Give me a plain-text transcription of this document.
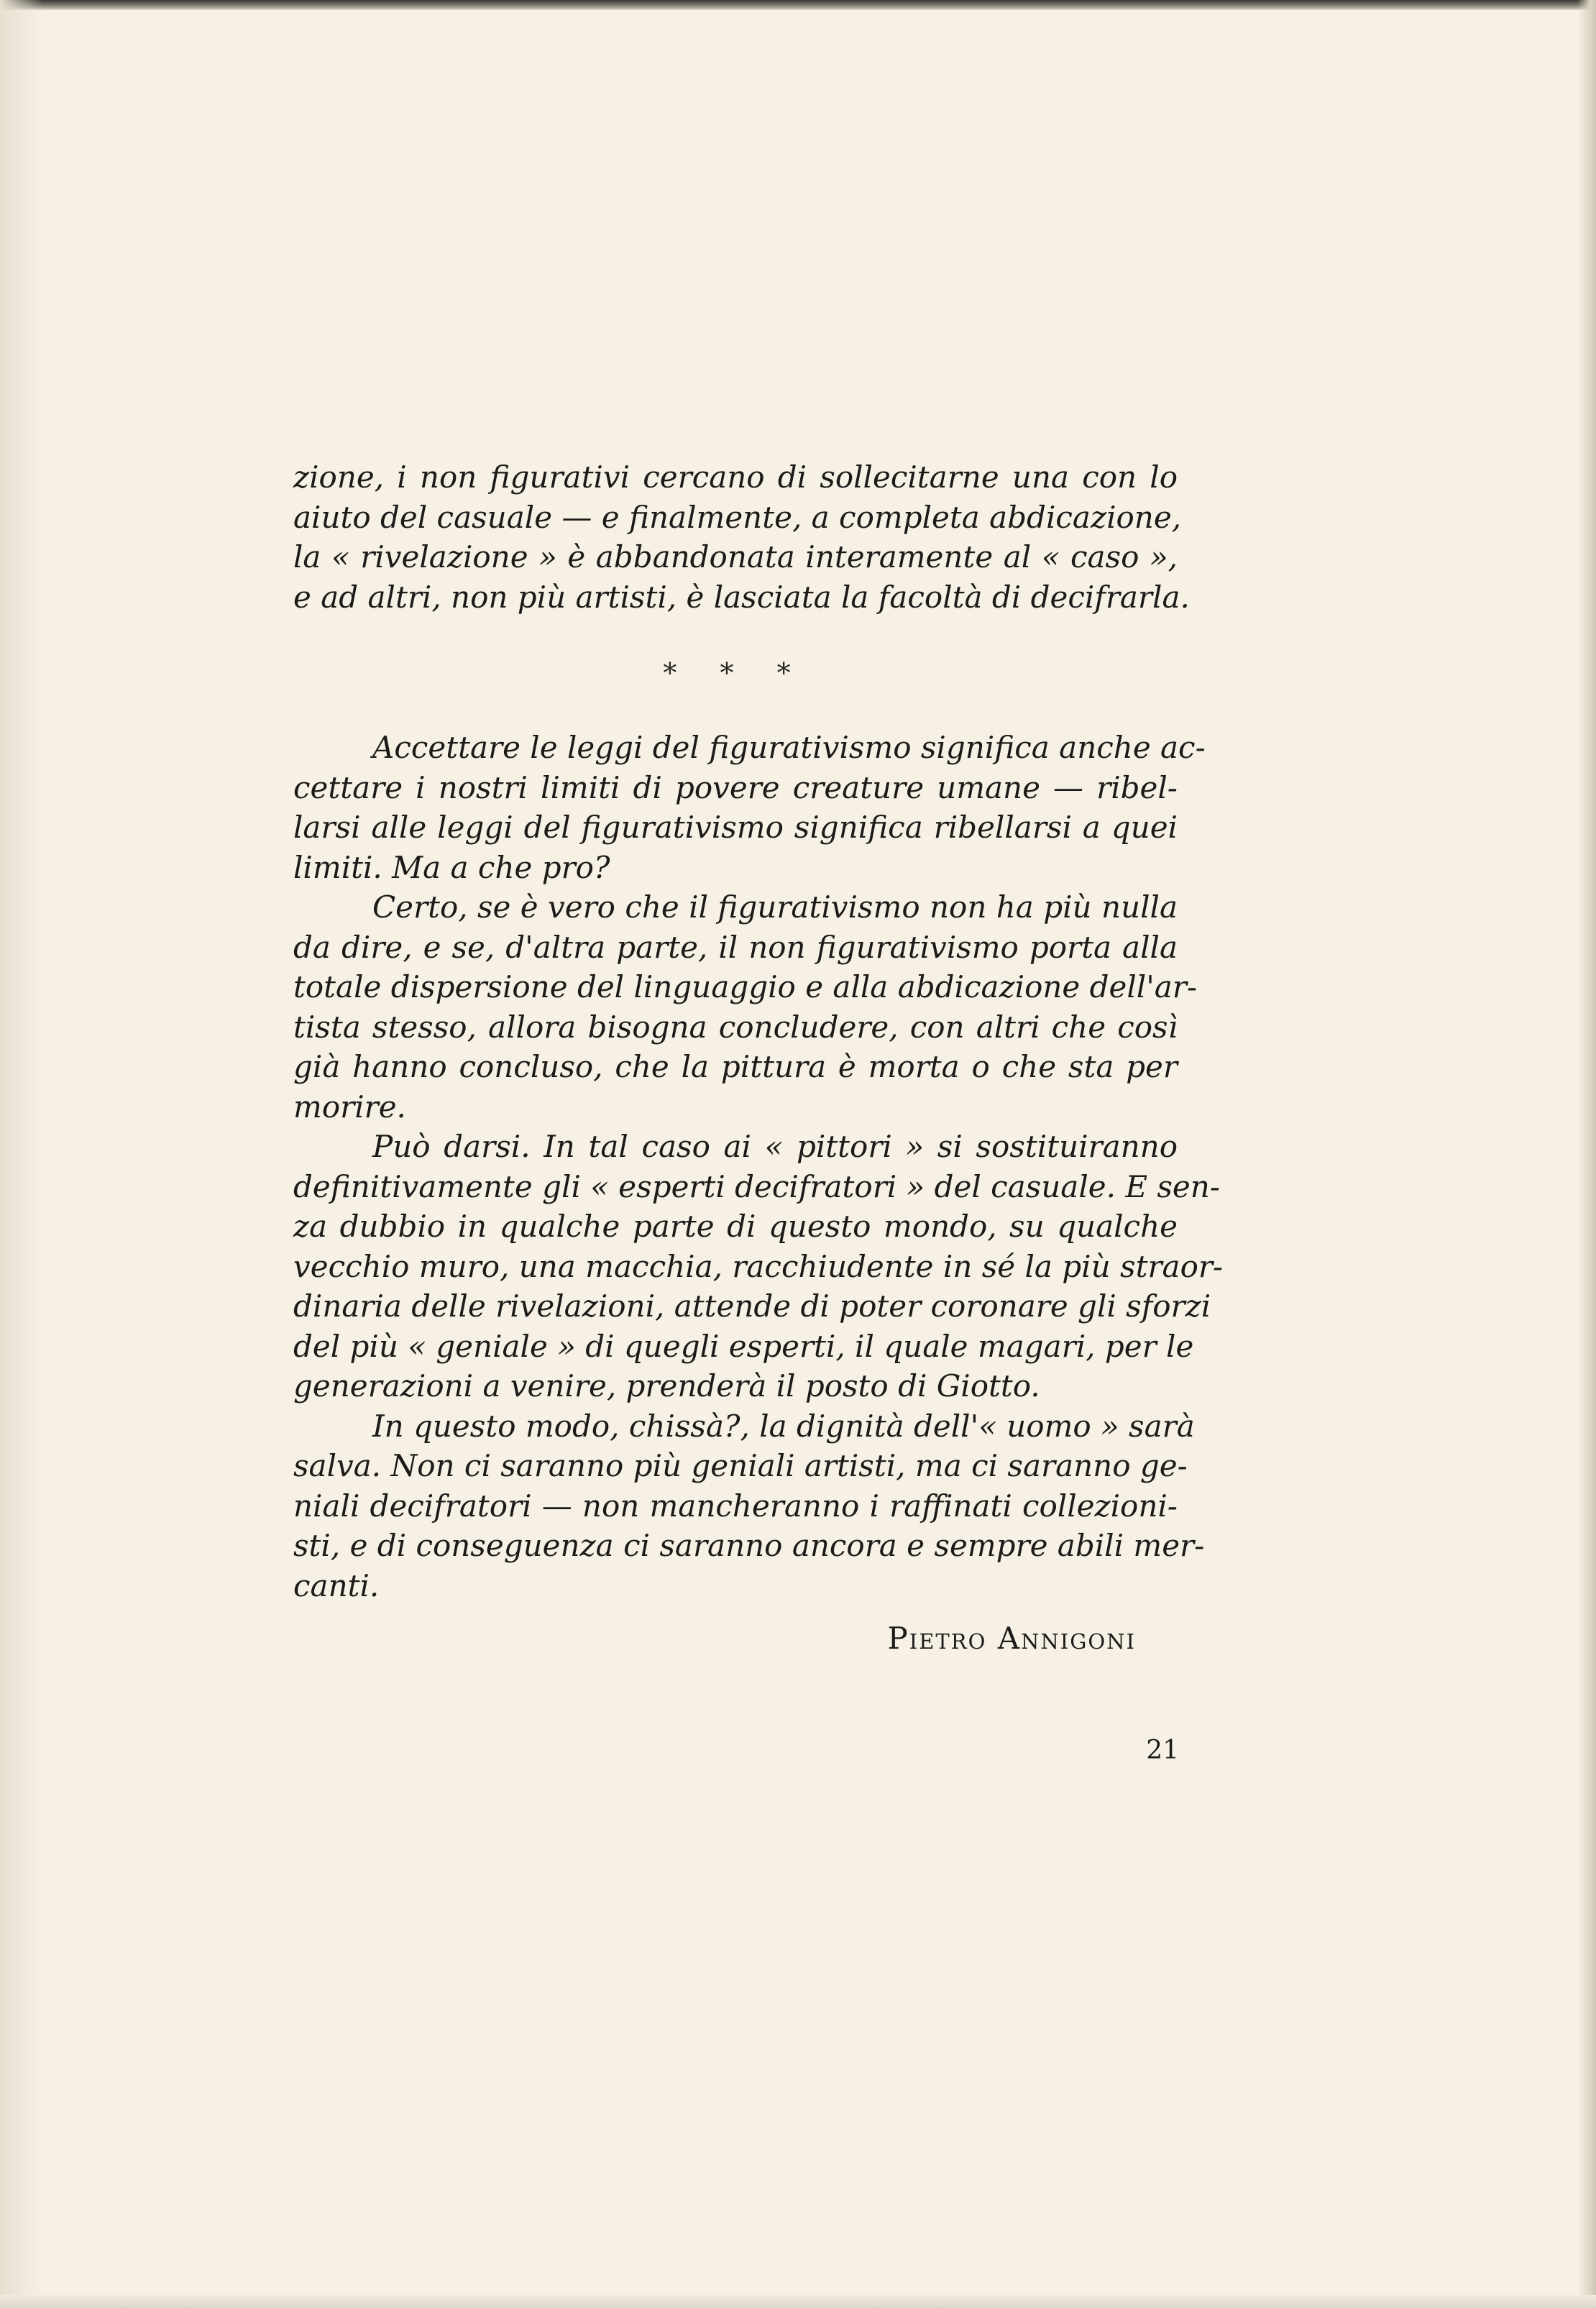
zione, i non figurativi cercano di sollecitarne una con lo
aiuto del casuale — e finalmente, a completa abdicazione,
la « rivelazione » è abbandonata interamente al « caso »,
e ad altri, non più artisti, è lasciata la facoltà di decifrarla.
* * *
Accettare le leggi del figurativismo significa anche ac-
cettare i nostri limiti di povere creature umane — ribel-
larsi alle leggi del figurativismo significa ribellarsi a quei
limiti. Ma a che pro?
Certo, se è vero che il figurativismo non ha più nulla
da dire, e se, d'altra parte, il non figurativismo porta alla
totale dispersione del linguaggio e alla abdicazione dell'ar-
tista stesso, allora bisogna concludere, con altri che così
già hanno concluso, che la pittura è morta o che sta per
morire.
Può darsi. In tal caso ai « pittori » si sostituiranno
definitivamente gli « esperti decifratori » del casuale. E sen-
za dubbio in qualche parte di questo mondo, su qualche
vecchio muro, una macchia, racchiudente in sé la più straor-
dinaria delle rivelazioni, attende di poter coronare gli sforzi
del più « geniale » di quegli esperti, il quale magari, per le
generazioni a venire, prenderà il posto di Giotto.
In questo modo, chissà?, la dignità dell'« uomo » sarà
salva. Non ci saranno più geniali artisti, ma ci saranno ge-
niali decifratori — non mancheranno i raffinati collezioni-
sti, e di conseguenza ci saranno ancora e sempre abili mer-
canti.
Pietro Annigoni
21
